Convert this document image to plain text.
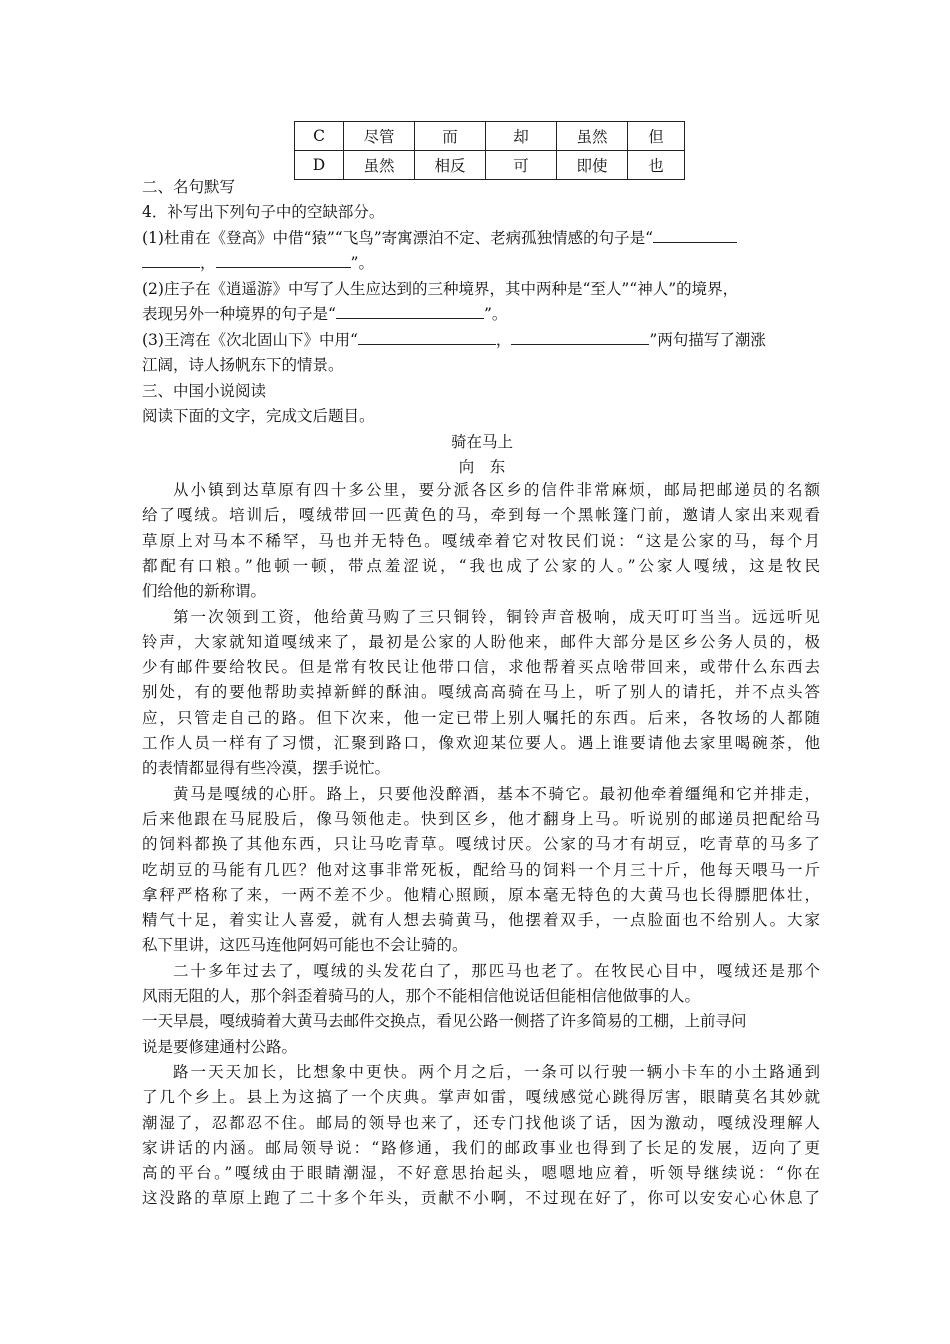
C	尽管	而	却	虽然	但
D	虽然	相反	可	即使	也
二、名句默写
4．补写出下列句子中的空缺部分。
(1)杜甫在《登高》中借“猿”“飞鸟”寄寓漂泊不定、老病孤独情感的句子是“
，	”。
(2)庄子在《逍遥游》中写了人生应达到的三种境界，其中两种是“至人”“神人”的境界，
表现另外一种境界的句子是“	”。
(3)王湾在《次北固山下》中用“	，	”两句描写了潮涨
江阔，诗人扬帆东下的情景。
三、中国小说阅读
阅读下面的文字，完成文后题目。
骑在马上
向　东
从小镇到达草原有四十多公里，要分派各区乡的信件非常麻烦，邮局把邮递员的名额
给了嘎绒。培训后，嘎绒带回一匹黄色的马，牵到每一个黑帐篷门前，邀请人家出来观看
草原上对马本不稀罕，马也并无特色。嘎绒牵着它对牧民们说：“这是公家的马，每个月
都配有口粮。”他顿一顿，带点羞涩说，“我也成了公家的人。”公家人嘎绒，这是牧民
们给他的新称谓。
第一次领到工资，他给黄马购了三只铜铃，铜铃声音极响，成天叮叮当当。远远听见
铃声，大家就知道嘎绒来了，最初是公家的人盼他来，邮件大部分是区乡公务人员的，极
少有邮件要给牧民。但是常有牧民让他带口信，求他帮着买点啥带回来，或带什么东西去
别处，有的要他帮助卖掉新鲜的酥油。嘎绒高高骑在马上，听了别人的请托，并不点头答
应，只管走自己的路。但下次来，他一定已带上别人嘱托的东西。后来，各牧场的人都随
工作人员一样有了习惯，汇聚到路口，像欢迎某位要人。遇上谁要请他去家里喝碗茶，他
的表情都显得有些冷漠，摆手说忙。
黄马是嘎绒的心肝。路上，只要他没醉酒，基本不骑它。最初他牵着缰绳和它并排走，
后来他跟在马屁股后，像马领他走。快到区乡，他才翻身上马。听说别的邮递员把配给马
的饲料都换了其他东西，只让马吃青草。嘎绒讨厌。公家的马才有胡豆，吃青草的马多了
吃胡豆的马能有几匹？他对这事非常死板，配给马的饲料一个月三十斤，他每天喂马一斤
拿秤严格称了来，一两不差不少。他精心照顾，原本毫无特色的大黄马也长得膘肥体壮，
精气十足，着实让人喜爱，就有人想去骑黄马，他摆着双手，一点脸面也不给别人。大家
私下里讲，这匹马连他阿妈可能也不会让骑的。
二十多年过去了，嘎绒的头发花白了，那匹马也老了。在牧民心目中，嘎绒还是那个
风雨无阻的人，那个斜歪着骑马的人，那个不能相信他说话但能相信他做事的人。
一天早晨，嘎绒骑着大黄马去邮件交换点，看见公路一侧搭了许多简易的工棚，上前寻问
说是要修建通村公路。
路一天天加长，比想象中更快。两个月之后，一条可以行驶一辆小卡车的小土路通到
了几个乡上。县上为这搞了一个庆典。掌声如雷，嘎绒感觉心跳得厉害，眼睛莫名其妙就
潮湿了，忍都忍不住。邮局的领导也来了，还专门找他谈了话，因为激动，嘎绒没理解人
家讲话的内涵。邮局领导说：“路修通，我们的邮政事业也得到了长足的发展，迈向了更
高的平台。”嘎绒由于眼睛潮湿，不好意思抬起头，嗯嗯地应着，听领导继续说：“你在
这没路的草原上跑了二十多个年头，贡献不小啊，不过现在好了，你可以安安心心休息了
